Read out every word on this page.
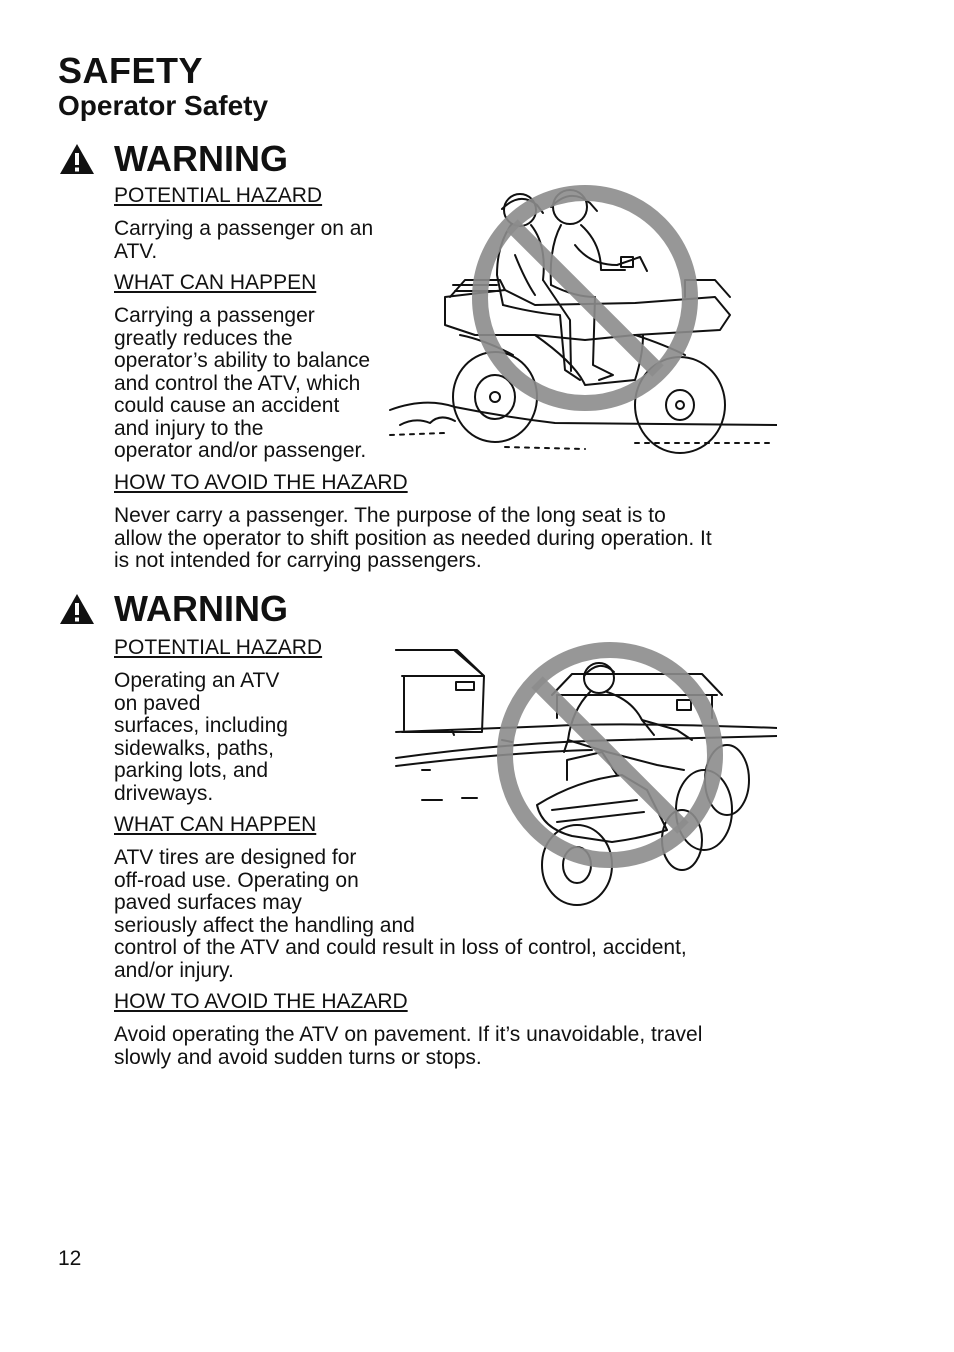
SAFETY
Operator Safety
WARNING
POTENTIAL HAZARD
Carrying a passenger on an
ATV.
WHAT CAN HAPPEN
Carrying a passenger
greatly reduces the
operator’s ability to balance
and control the ATV, which
could cause an accident
and injury to the
operator and/or passenger.
HOW TO AVOID THE HAZARD
Never carry a passenger. The purpose of the long seat is to
allow the operator to shift position as needed during operation. It
is not intended for carrying passengers.
WARNING
POTENTIAL HAZARD
Operating an ATV
on paved
surfaces, including
sidewalks, paths,
parking lots, and
driveways.
WHAT CAN HAPPEN
ATV tires are designed for
off-road use. Operating on
paved surfaces may
seriously affect the handling and
control of the ATV and could result in loss of control, accident,
and/or injury.
HOW TO AVOID THE HAZARD
Avoid operating the ATV on pavement. If it’s unavoidable, travel
slowly and avoid sudden turns or stops.
12
